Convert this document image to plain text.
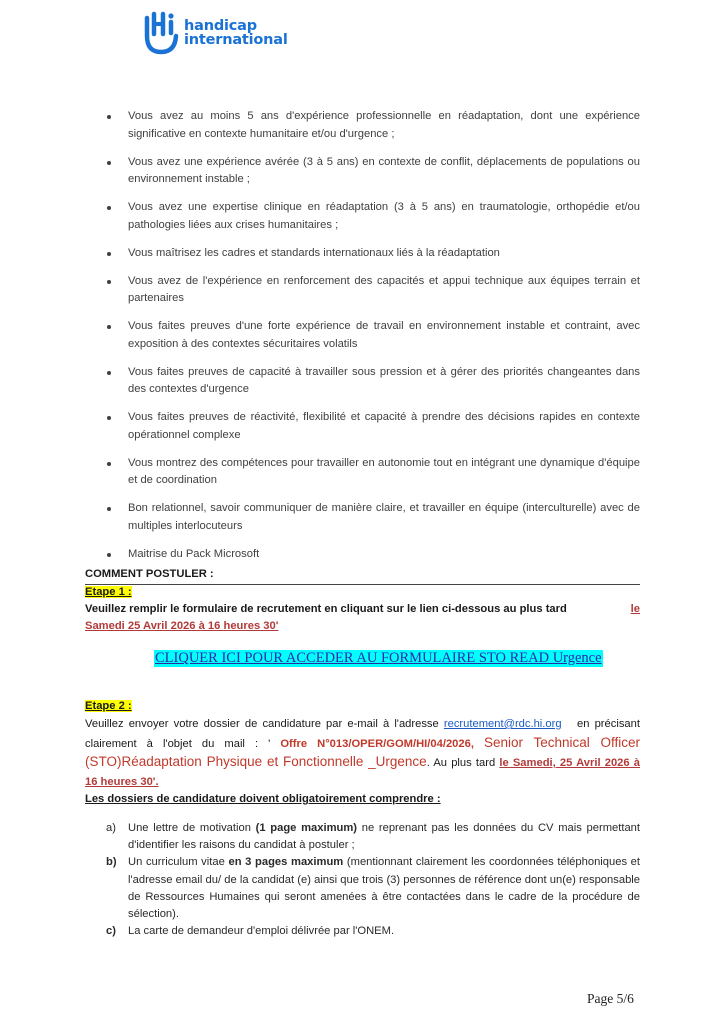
handicap
international
Vous avez au moins 5 ans d'expérience professionnelle en réadaptation, dont une expérience significative en contexte humanitaire et/ou d'urgence ;
Vous avez une expérience avérée (3 à 5 ans) en contexte de conflit, déplacements de populations ou environnement instable ;
Vous avez une expertise clinique en réadaptation (3 à 5 ans) en traumatologie, orthopédie et/ou pathologies liées aux crises humanitaires ;
Vous maîtrisez les cadres et standards internationaux liés à la réadaptation
Vous avez de l'expérience en renforcement des capacités et appui technique aux équipes terrain et partenaires
Vous faites preuves d'une forte expérience de travail en environnement instable et contraint, avec exposition à des contextes sécuritaires volatils
Vous faites preuves de capacité à travailler sous pression et à gérer des priorités changeantes dans des contextes d'urgence
Vous faites preuves de réactivité, flexibilité et capacité à prendre des décisions rapides en contexte opérationnel complexe
Vous montrez des compétences pour travailler en autonomie tout en intégrant une dynamique d'équipe et de coordination
Bon relationnel, savoir communiquer de manière claire, et travailler en équipe (interculturelle) avec de multiples interlocuteurs
Maitrise du Pack Microsoft
COMMENT POSTULER :
Etape 1 :
Veuillez remplir le formulaire de recrutement en cliquant sur le lien ci-dessous au plus tard	le
Samedi 25 Avril 2026 à 16 heures 30'
CLIQUER ICI POUR ACCEDER AU FORMULAIRE STO READ Urgence
Etape 2 :
Veuillez envoyer votre dossier de candidature par e-mail à l'adresse recrutement@rdc.hi.org en précisant clairement à l'objet du mail : ' Offre N°013/OPER/GOM/HI/04/2026, Senior Technical Officer (STO)Réadaptation Physique et Fonctionnelle _Urgence. Au plus tard le Samedi, 25 Avril 2026 à 16 heures 30'.
Les dossiers de candidature doivent obligatoirement comprendre :
a) Une lettre de motivation (1 page maximum) ne reprenant pas les données du CV mais permettant d'identifier les raisons du candidat à postuler ;
b) Un curriculum vitae en 3 pages maximum (mentionnant clairement les coordonnées téléphoniques et l'adresse email du/ de la candidat (e) ainsi que trois (3) personnes de référence dont un(e) responsable de Ressources Humaines qui seront amenées à être contactées dans le cadre de la procédure de sélection).
c) La carte de demandeur d'emploi délivrée par l'ONEM.
Page 5/6
